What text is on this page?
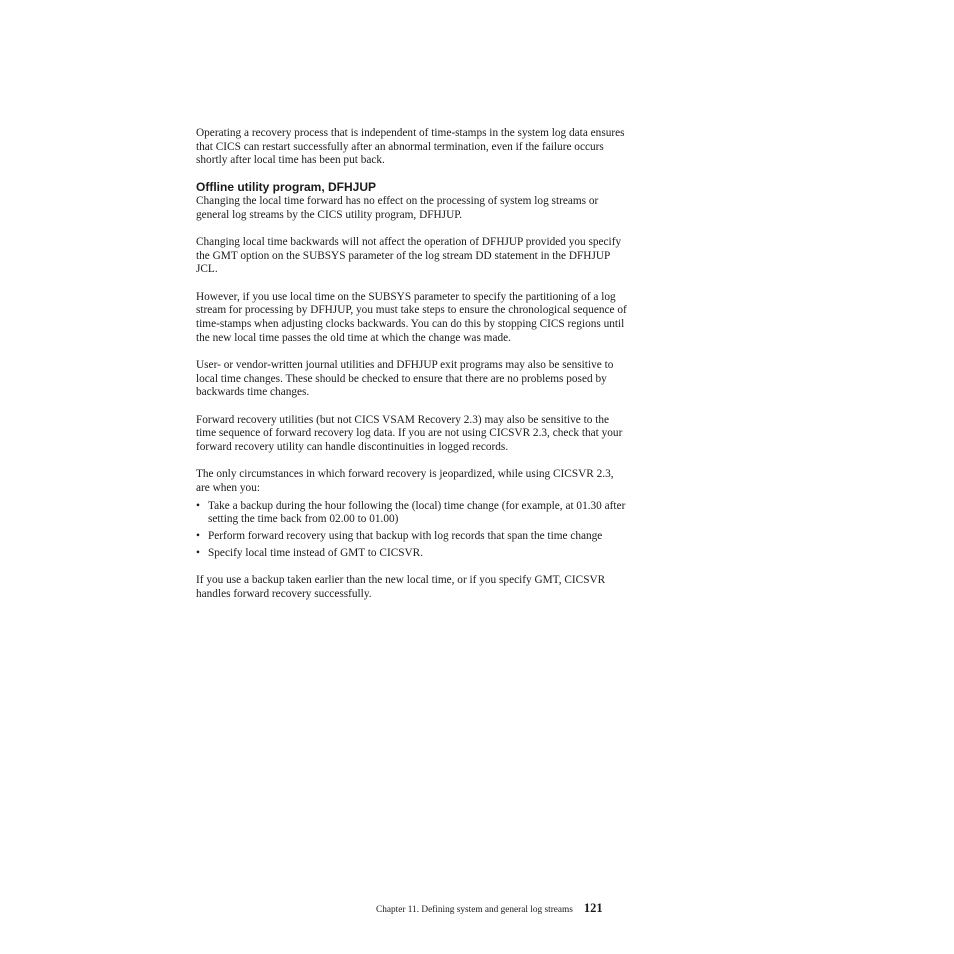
Operating a recovery process that is independent of time-stamps in the system log data ensures that CICS can restart successfully after an abnormal termination, even if the failure occurs shortly after local time has been put back.

Offline utility program, DFHJUP

Changing the local time forward has no effect on the processing of system log streams or general log streams by the CICS utility program, DFHJUP.

Changing local time backwards will not affect the operation of DFHJUP provided you specify the GMT option on the SUBSYS parameter of the log stream DD statement in the DFHJUP JCL.

However, if you use local time on the SUBSYS parameter to specify the partitioning of a log stream for processing by DFHJUP, you must take steps to ensure the chronological sequence of time-stamps when adjusting clocks backwards. You can do this by stopping CICS regions until the new local time passes the old time at which the change was made.

User- or vendor-written journal utilities and DFHJUP exit programs may also be sensitive to local time changes. These should be checked to ensure that there are no problems posed by backwards time changes.

Forward recovery utilities (but not CICS VSAM Recovery 2.3) may also be sensitive to the time sequence of forward recovery log data. If you are not using CICSVR 2.3, check that your forward recovery utility can handle discontinuities in logged records.

The only circumstances in which forward recovery is jeopardized, while using CICSVR 2.3, are when you:

• Take a backup during the hour following the (local) time change (for example, at 01.30 after setting the time back from 02.00 to 01.00)
• Perform forward recovery using that backup with log records that span the time change
• Specify local time instead of GMT to CICSVR.

If you use a backup taken earlier than the new local time, or if you specify GMT, CICSVR handles forward recovery successfully.

Chapter 11. Defining system and general log streams 121
